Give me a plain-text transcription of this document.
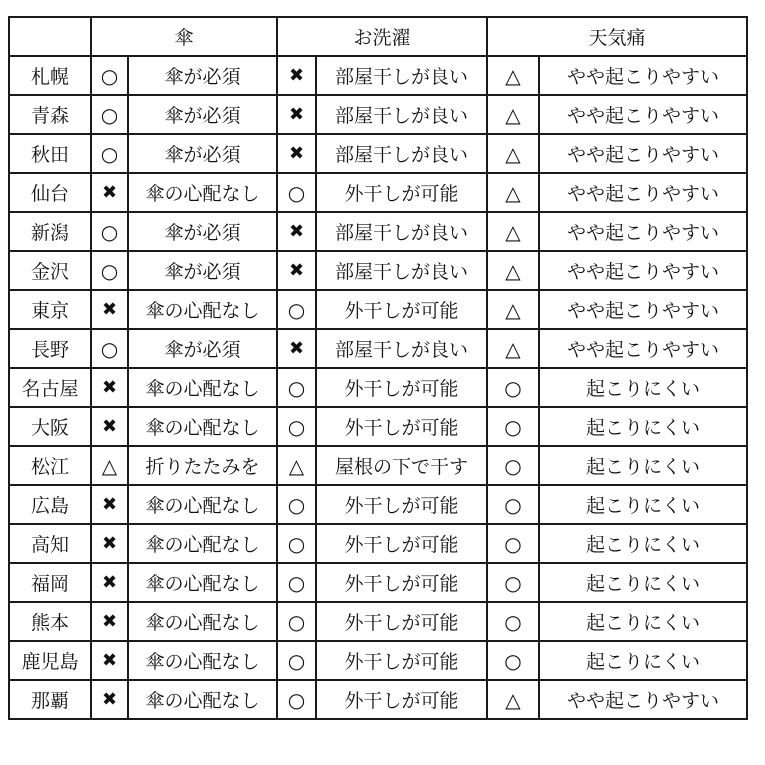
	傘		お洗濯		天気痛	
札幌	○	傘が必須	✖	部屋干しが良い	△	やや起こりやすい
青森	○	傘が必須	✖	部屋干しが良い	△	やや起こりやすい
秋田	○	傘が必須	✖	部屋干しが良い	△	やや起こりやすい
仙台	✖	傘の心配なし	○	外干しが可能	△	やや起こりやすい
新潟	○	傘が必須	✖	部屋干しが良い	△	やや起こりやすい
金沢	○	傘が必須	✖	部屋干しが良い	△	やや起こりやすい
東京	✖	傘の心配なし	○	外干しが可能	△	やや起こりやすい
長野	○	傘が必須	✖	部屋干しが良い	△	やや起こりやすい
名古屋	✖	傘の心配なし	○	外干しが可能	○	起こりにくい
大阪	✖	傘の心配なし	○	外干しが可能	○	起こりにくい
松江	△	折りたたみを	△	屋根の下で干す	○	起こりにくい
広島	✖	傘の心配なし	○	外干しが可能	○	起こりにくい
高知	✖	傘の心配なし	○	外干しが可能	○	起こりにくい
福岡	✖	傘の心配なし	○	外干しが可能	○	起こりにくい
熊本	✖	傘の心配なし	○	外干しが可能	○	起こりにくい
鹿児島	✖	傘の心配なし	○	外干しが可能	○	起こりにくい
那覇	✖	傘の心配なし	○	外干しが可能	△	やや起こりやすい
